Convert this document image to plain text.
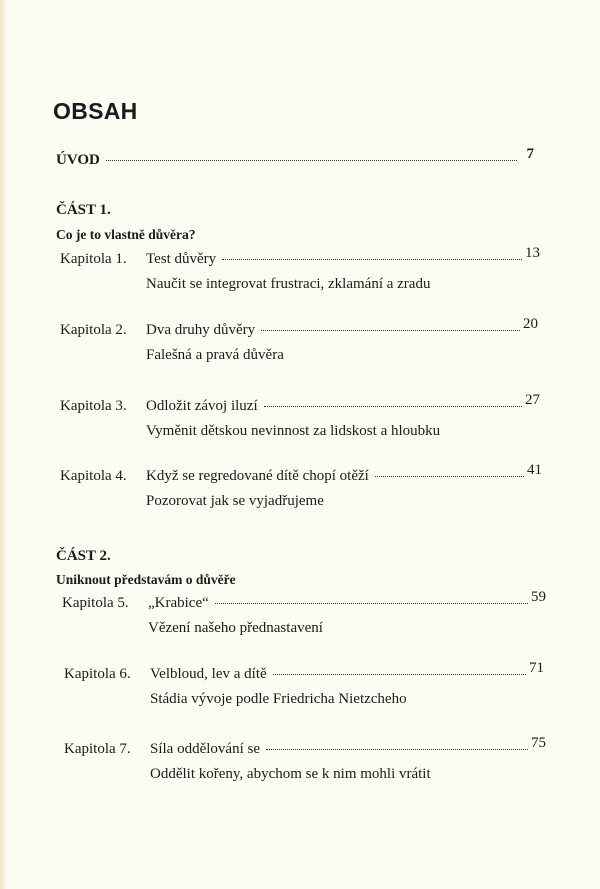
OBSAH
ÚVOD	7
ČÁST 1.
Co je to vlastně důvěra?
Kapitola 1.	Test důvěry	13
Naučit se integrovat frustraci, zklamání a zradu
Kapitola 2.	Dva druhy důvěry	20
Falešná a pravá důvěra
Kapitola 3.	Odložit závoj iluzí	27
Vyměnit dětskou nevinnost za lidskost a hloubku
Kapitola 4.	Když se regredované dítě chopí otěží	41
Pozorovat jak se vyjadřujeme
ČÁST 2.
Uniknout představám o důvěře
Kapitola 5.	„Krabice“	59
Vězení našeho přednastavení
Kapitola 6.	Velbloud, lev a dítě	71
Stádia vývoje podle Friedricha Nietzcheho
Kapitola 7.	Síla oddělování se	75
Oddělit kořeny, abychom se k nim mohli vrátit
